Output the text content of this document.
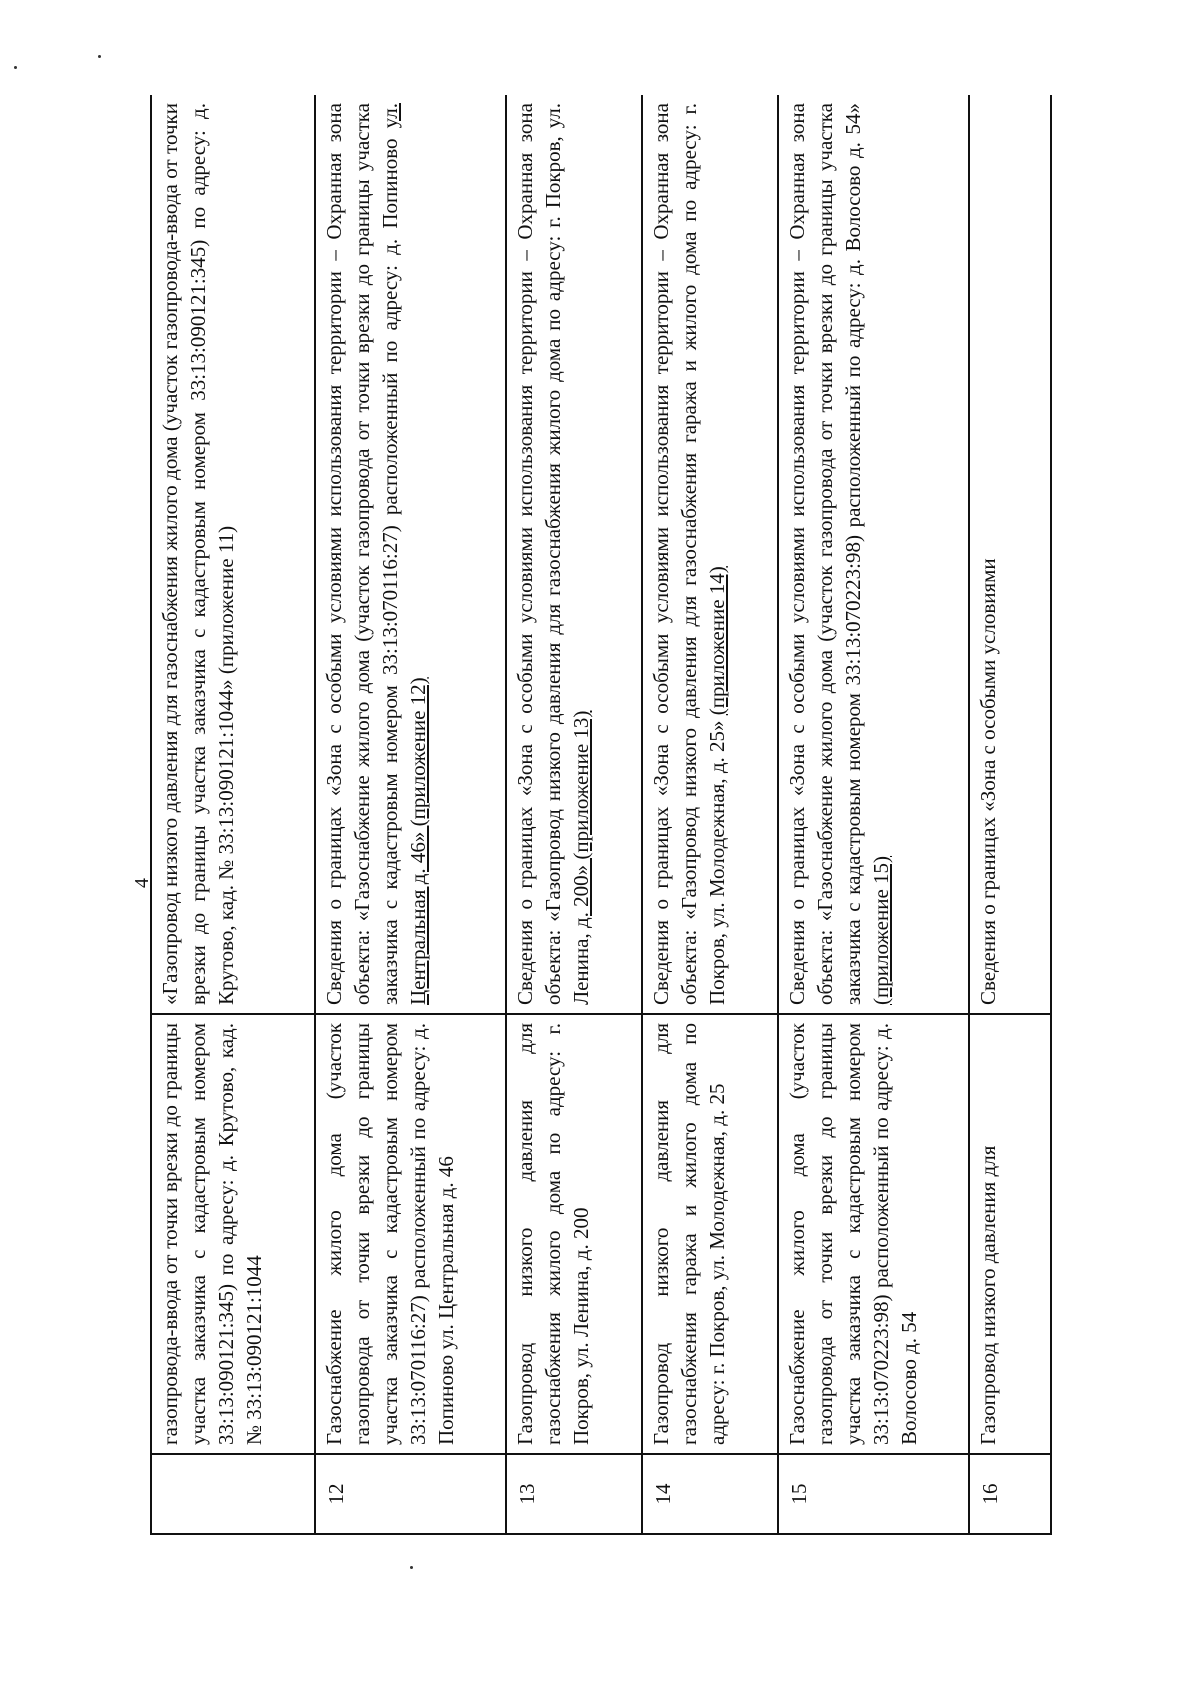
4
газопровода-ввода от точки врезки до границы участка заказчика с кадастровым номером 33:13:090121:345) по адресу: д. Крутово, кад. № 33:13:090121:1044
«Газопровод низкого давления для газоснабжения жилого дома (участок газопровода-ввода от точки врезки до границы участка заказчика с кадастровым номером 33:13:090121:345) по адресу: д. Крутово, кад. № 33:13:090121:1044» (приложение 11)
12
Газоснабжение жилого дома (участок газопровода от точки врезки до границы участка заказчика с кадастровым номером 33:13:070116:27) расположенный по адресу: д. Попиново ул. Центральная д. 46
Сведения о границах «Зона с особыми условиями использования территории – Охранная зона объекта: «Газоснабжение жилого дома (участок газопровода от точки врезки до границы участка заказчика с кадастровым номером 33:13:070116:27) расположенный по адресу: д. Попиново ул. Центральная д. 46» (приложение 12)
13
Газопровод низкого давления для газоснабжения жилого дома по адресу: г. Покров, ул. Ленина, д. 200
Сведения о границах «Зона с особыми условиями использования территории – Охранная зона объекта: «Газопровод низкого давления для газоснабжения жилого дома по адресу: г. Покров, ул. Ленина, д. 200» (приложение 13)
14
Газопровод низкого давления для газоснабжения гаража и жилого дома по адресу: г. Покров, ул. Молодежная, д. 25
Сведения о границах «Зона с особыми условиями использования территории – Охранная зона объекта: «Газопровод низкого давления для газоснабжения гаража и жилого дома по адресу: г. Покров, ул. Молодежная, д. 25» (приложение 14)
15
Газоснабжение жилого дома (участок газопровода от точки врезки до границы участка заказчика с кадастровым номером 33:13:070223:98) расположенный по адресу: д. Волосово д. 54
Сведения о границах «Зона с особыми условиями использования территории – Охранная зона объекта: «Газоснабжение жилого дома (участок газопровода от точки врезки до границы участка заказчика с кадастровым номером 33:13:070223:98) расположенный по адресу: д. Волосово д. 54» (приложение 15)
16
Газопровод низкого давления для
Сведения о границах «Зона с особыми условиями
